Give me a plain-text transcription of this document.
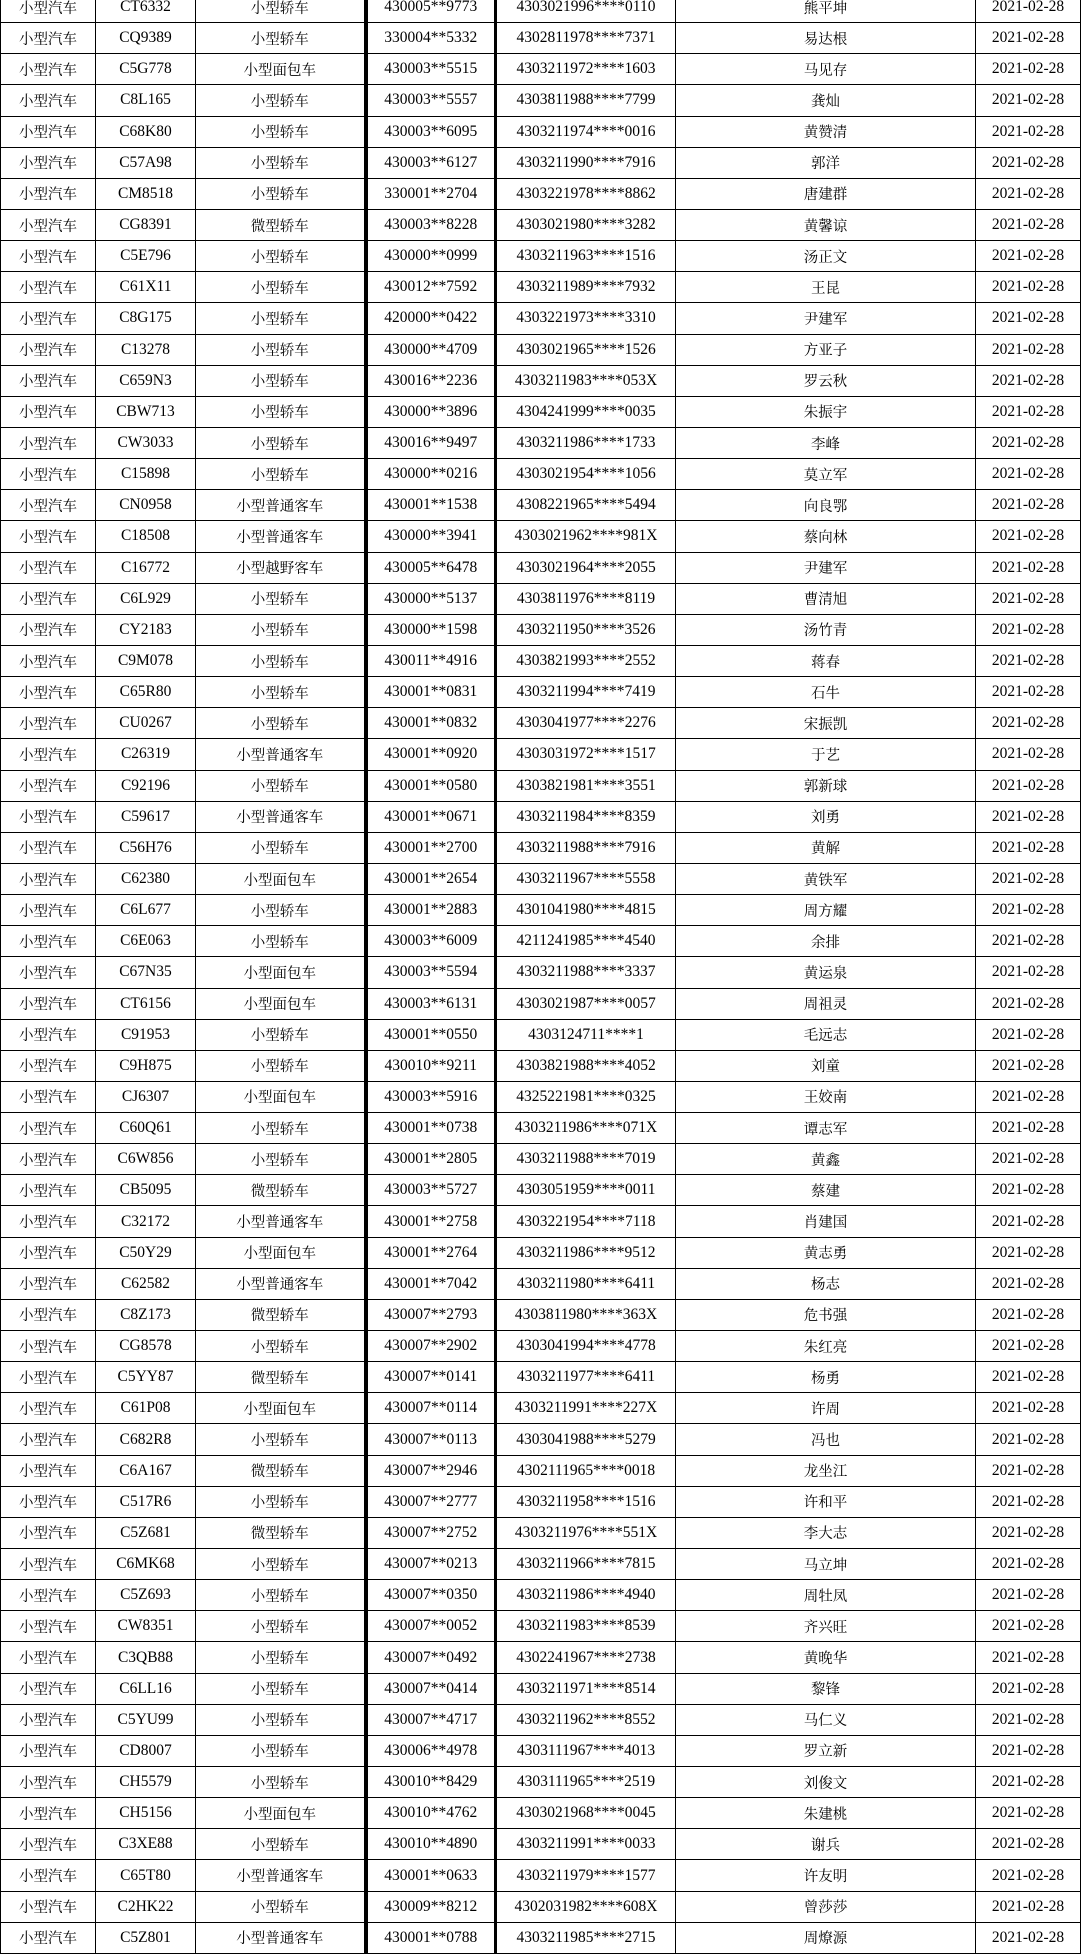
小型汽车	CT6332	小型轿车	430005**9773	4303021996****0110	熊平坤	2021-02-28
小型汽车	CQ9389	小型轿车	330004**5332	4302811978****7371	易达根	2021-02-28
小型汽车	C5G778	小型面包车	430003**5515	4303211972****1603	马见存	2021-02-28
小型汽车	C8L165	小型轿车	430003**5557	4303811988****7799	龚灿	2021-02-28
小型汽车	C68K80	小型轿车	430003**6095	4303211974****0016	黄赞清	2021-02-28
小型汽车	C57A98	小型轿车	430003**6127	4303211990****7916	郭洋	2021-02-28
小型汽车	CM8518	小型轿车	330001**2704	4303221978****8862	唐建群	2021-02-28
小型汽车	CG8391	微型轿车	430003**8228	4303021980****3282	黄馨谅	2021-02-28
小型汽车	C5E796	小型轿车	430000**0999	4303211963****1516	汤正文	2021-02-28
小型汽车	C61X11	小型轿车	430012**7592	4303211989****7932	王昆	2021-02-28
小型汽车	C8G175	小型轿车	420000**0422	4303221973****3310	尹建军	2021-02-28
小型汽车	C13278	小型轿车	430000**4709	4303021965****1526	方亚子	2021-02-28
小型汽车	C659N3	小型轿车	430016**2236	4303211983****053X	罗云秋	2021-02-28
小型汽车	CBW713	小型轿车	430000**3896	4304241999****0035	朱振宇	2021-02-28
小型汽车	CW3033	小型轿车	430016**9497	4303211986****1733	李峰	2021-02-28
小型汽车	C15898	小型轿车	430000**0216	4303021954****1056	莫立军	2021-02-28
小型汽车	CN0958	小型普通客车	430001**1538	4308221965****5494	向良鄂	2021-02-28
小型汽车	C18508	小型普通客车	430000**3941	4303021962****981X	蔡向林	2021-02-28
小型汽车	C16772	小型越野客车	430005**6478	4303021964****2055	尹建军	2021-02-28
小型汽车	C6L929	小型轿车	430000**5137	4303811976****8119	曹清旭	2021-02-28
小型汽车	CY2183	小型轿车	430000**1598	4303211950****3526	汤竹青	2021-02-28
小型汽车	C9M078	小型轿车	430011**4916	4303821993****2552	蒋春	2021-02-28
小型汽车	C65R80	小型轿车	430001**0831	4303211994****7419	石牛	2021-02-28
小型汽车	CU0267	小型轿车	430001**0832	4303041977****2276	宋振凯	2021-02-28
小型汽车	C26319	小型普通客车	430001**0920	4303031972****1517	于艺	2021-02-28
小型汽车	C92196	小型轿车	430001**0580	4303821981****3551	郭新球	2021-02-28
小型汽车	C59617	小型普通客车	430001**0671	4303211984****8359	刘勇	2021-02-28
小型汽车	C56H76	小型轿车	430001**2700	4303211988****7916	黄解	2021-02-28
小型汽车	C62380	小型面包车	430001**2654	4303211967****5558	黄铁军	2021-02-28
小型汽车	C6L677	小型轿车	430001**2883	4301041980****4815	周方耀	2021-02-28
小型汽车	C6E063	小型轿车	430003**6009	4211241985****4540	余排	2021-02-28
小型汽车	C67N35	小型面包车	430003**5594	4303211988****3337	黄运泉	2021-02-28
小型汽车	CT6156	小型面包车	430003**6131	4303021987****0057	周祖灵	2021-02-28
小型汽车	C91953	小型轿车	430001**0550	4303124711****1	毛远志	2021-02-28
小型汽车	C9H875	小型轿车	430010**9211	4303821988****4052	刘童	2021-02-28
小型汽车	CJ6307	小型面包车	430003**5916	4325221981****0325	王姣南	2021-02-28
小型汽车	C60Q61	小型轿车	430001**0738	4303211986****071X	谭志军	2021-02-28
小型汽车	C6W856	小型轿车	430001**2805	4303211988****7019	黄鑫	2021-02-28
小型汽车	CB5095	微型轿车	430003**5727	4303051959****0011	蔡建	2021-02-28
小型汽车	C32172	小型普通客车	430001**2758	4303221954****7118	肖建国	2021-02-28
小型汽车	C50Y29	小型面包车	430001**2764	4303211986****9512	黄志勇	2021-02-28
小型汽车	C62582	小型普通客车	430001**7042	4303211980****6411	杨志	2021-02-28
小型汽车	C8Z173	微型轿车	430007**2793	4303811980****363X	危书强	2021-02-28
小型汽车	CG8578	小型轿车	430007**2902	4303041994****4778	朱红亮	2021-02-28
小型汽车	C5YY87	微型轿车	430007**0141	4303211977****6411	杨勇	2021-02-28
小型汽车	C61P08	小型面包车	430007**0114	4303211991****227X	许周	2021-02-28
小型汽车	C682R8	小型轿车	430007**0113	4303041988****5279	冯也	2021-02-28
小型汽车	C6A167	微型轿车	430007**2946	4302111965****0018	龙坐江	2021-02-28
小型汽车	C517R6	小型轿车	430007**2777	4303211958****1516	许和平	2021-02-28
小型汽车	C5Z681	微型轿车	430007**2752	4303211976****551X	李大志	2021-02-28
小型汽车	C6MK68	小型轿车	430007**0213	4303211966****7815	马立坤	2021-02-28
小型汽车	C5Z693	小型轿车	430007**0350	4303211986****4940	周牡凤	2021-02-28
小型汽车	CW8351	小型轿车	430007**0052	4303211983****8539	齐兴旺	2021-02-28
小型汽车	C3QB88	小型轿车	430007**0492	4302241967****2738	黄晚华	2021-02-28
小型汽车	C6LL16	小型轿车	430007**0414	4303211971****8514	黎锋	2021-02-28
小型汽车	C5YU99	小型轿车	430007**4717	4303211962****8552	马仁义	2021-02-28
小型汽车	CD8007	小型轿车	430006**4978	4303111967****4013	罗立新	2021-02-28
小型汽车	CH5579	小型轿车	430010**8429	4303111965****2519	刘俊文	2021-02-28
小型汽车	CH5156	小型面包车	430010**4762	4303021968****0045	朱建桃	2021-02-28
小型汽车	C3XE88	小型轿车	430010**4890	4303211991****0033	谢兵	2021-02-28
小型汽车	C65T80	小型普通客车	430001**0633	4303211979****1577	许友明	2021-02-28
小型汽车	C2HK22	小型轿车	430009**8212	4302031982****608X	曾莎莎	2021-02-28
小型汽车	C5Z801	小型普通客车	430001**0788	4303211985****2715	周燎源	2021-02-28
